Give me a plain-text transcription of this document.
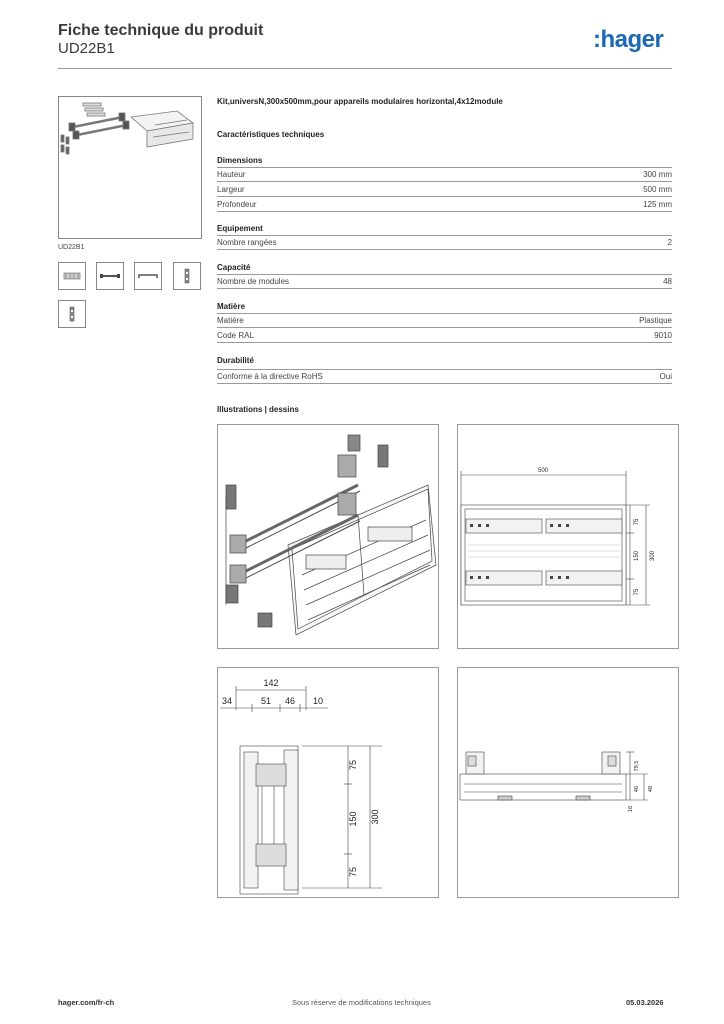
Fiche technique du produit
UD22B1	:hager
UD22B1
Kit,universN,300x500mm,pour appareils modulaires horizontal,4x12module
Caractéristiques techniques
Dimensions
Hauteur	300 mm
Largeur	500 mm
Profondeur	125 mm
Equipement
Nombre rangées	2
Capacité
Nombre de modules	48
Matière
Matière	Plastique
Code RAL	9010
Durabilité
Conforme à la directive RoHS	Oui
Illustrations | dessins
500
75
150
75
300
142
34	51 46 10
75
150
75
300
79,5
46 48
16
hager.com/fr-ch	Sous réserve de modifications techniques	05.03.2026
